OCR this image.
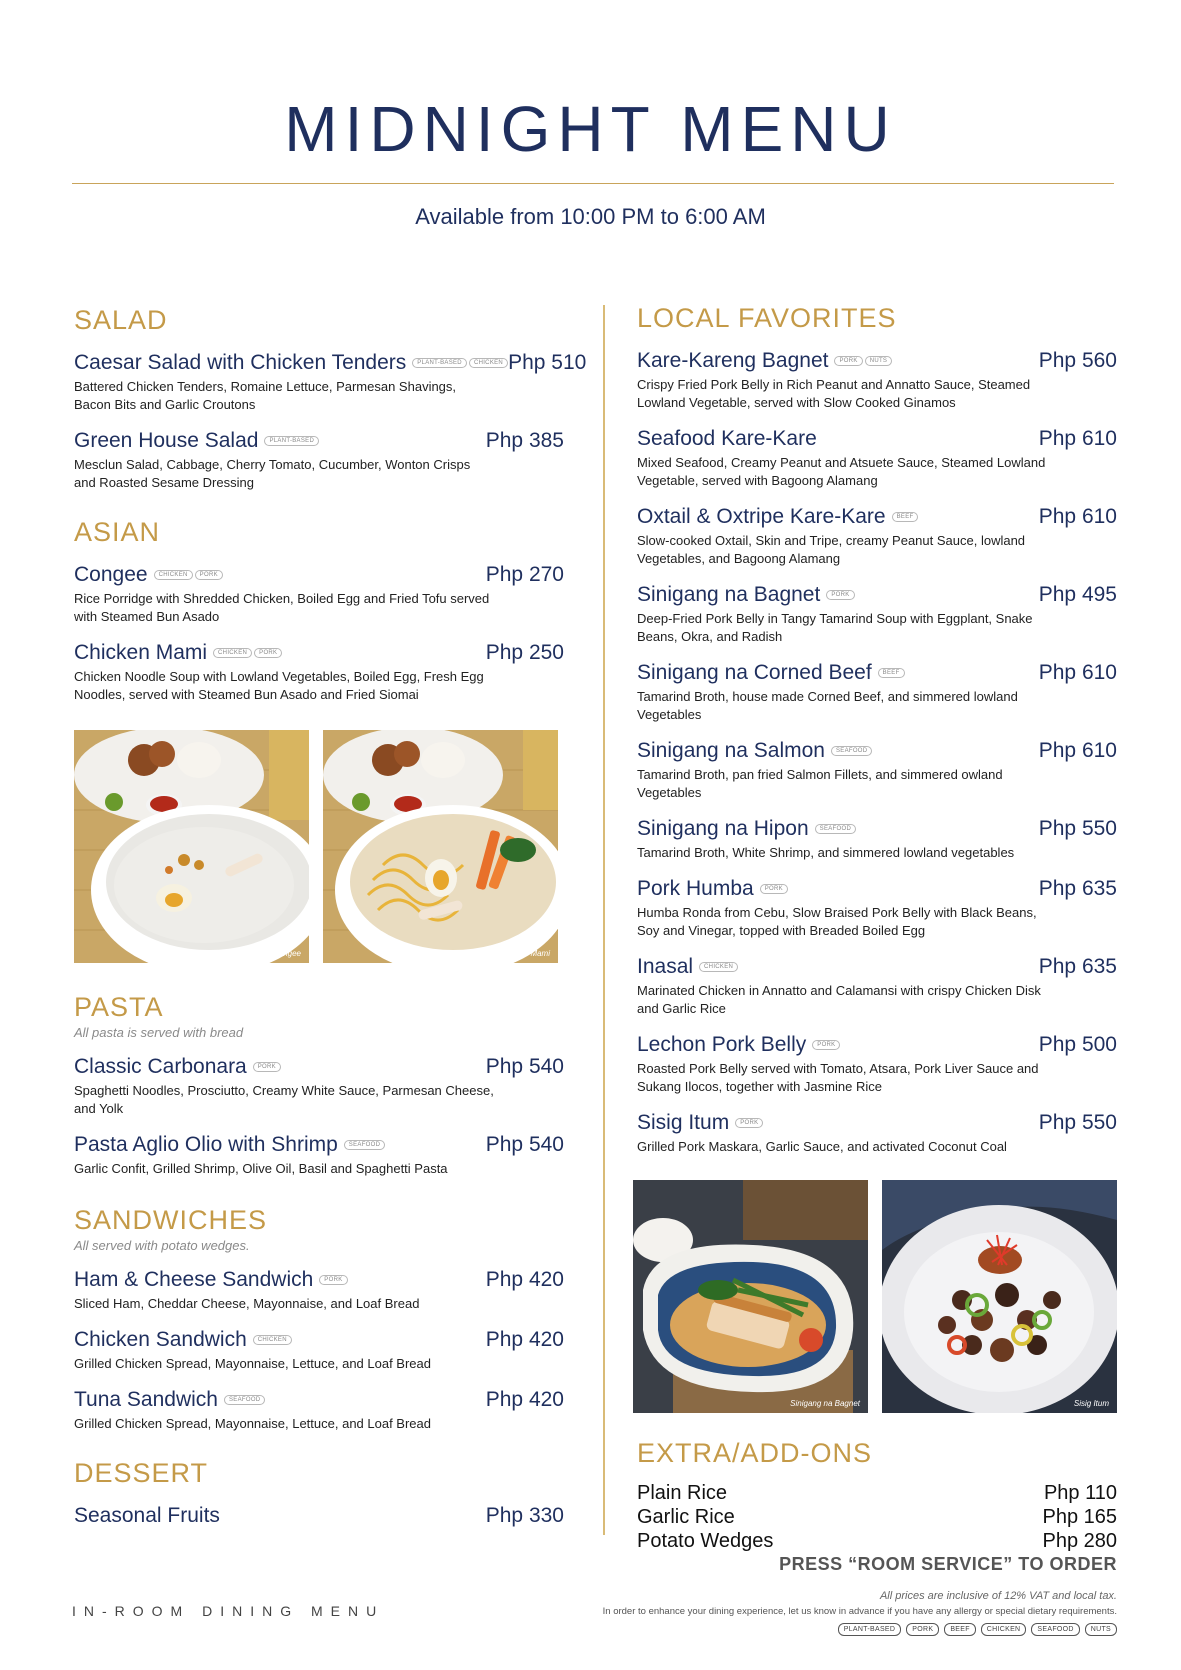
MIDNIGHT MENU
Available from 10:00 PM to 6:00 AM
SALAD
Caesar Salad with Chicken Tenders	PLANT-BASED	CHICKEN Php 510
Battered Chicken Tenders, Romaine Lettuce, Parmesan Shavings, Bacon Bits and Garlic Croutons
Green House Salad	PLANT-BASED	Php 385
Mesclun Salad, Cabbage, Cherry Tomato, Cucumber, Wonton Crisps and Roasted Sesame Dressing
ASIAN
Congee	CHICKEN	PORK	Php 270
Rice Porridge with Shredded Chicken, Boiled Egg and Fried Tofu served with Steamed Bun Asado
Chicken Mami	CHICKEN	PORK	Php 250
Chicken Noodle Soup with Lowland Vegetables, Boiled Egg, Fresh Egg Noodles, served with Steamed Bun Asado and Fried Siomai
Congee	Chicken Mami
PASTA
All pasta is served with bread
Classic Carbonara	PORK	Php 540
Spaghetti Noodles, Prosciutto, Creamy White Sauce, Parmesan Cheese, and Yolk
Pasta Aglio Olio with Shrimp	SEAFOOD	Php 540
Garlic Confit, Grilled Shrimp, Olive Oil, Basil and Spaghetti Pasta
SANDWICHES
All served with potato wedges.
Ham & Cheese Sandwich	PORK	Php 420
Sliced Ham, Cheddar Cheese, Mayonnaise, and Loaf Bread
Chicken Sandwich	CHICKEN	Php 420
Grilled Chicken Spread, Mayonnaise, Lettuce, and Loaf Bread
Tuna Sandwich	SEAFOOD	Php 420
Grilled Chicken Spread, Mayonnaise, Lettuce, and Loaf Bread
DESSERT
Seasonal Fruits	Php 330
LOCAL FAVORITES
Kare-Kareng Bagnet	PORK	NUTS	Php 560
Crispy Fried Pork Belly in Rich Peanut and Annatto Sauce, Steamed Lowland Vegetable, served with Slow Cooked Ginamos
Seafood Kare-Kare	Php 610
Mixed Seafood, Creamy Peanut and Atsuete Sauce, Steamed Lowland Vegetable, served with Bagoong Alamang
Oxtail & Oxtripe Kare-Kare	BEEF	Php 610
Slow-cooked Oxtail, Skin and Tripe, creamy Peanut Sauce, lowland Vegetables, and Bagoong Alamang
Sinigang na Bagnet	PORK	Php 495
Deep-Fried Pork Belly in Tangy Tamarind Soup with Eggplant, Snake Beans, Okra, and Radish
Sinigang na Corned Beef	BEEF	Php 610
Tamarind Broth, house made Corned Beef, and simmered lowland Vegetables
Sinigang na Salmon	SEAFOOD	Php 610
Tamarind Broth, pan fried Salmon Fillets, and simmered owland Vegetables
Sinigang na Hipon	SEAFOOD	Php 550
Tamarind Broth, White Shrimp, and simmered lowland vegetables
Pork Humba	PORK	Php 635
Humba Ronda from Cebu, Slow Braised Pork Belly with Black Beans, Soy and Vinegar, topped with Breaded Boiled Egg
Inasal	CHICKEN	Php 635
Marinated Chicken in Annatto and Calamansi with crispy Chicken Disk and Garlic Rice
Lechon Pork Belly	PORK	Php 500
Roasted Pork Belly served with Tomato, Atsara, Pork Liver Sauce and Sukang Ilocos, together with Jasmine Rice
Sisig Itum	PORK	Php 550
Grilled Pork Maskara, Garlic Sauce, and activated Coconut Coal
Sinigang na Bagnet	Sisig Itum
EXTRA/ADD-ONS
Plain Rice	Php 110
Garlic Rice	Php 165
Potato Wedges	Php 280
PRESS “ROOM SERVICE” TO ORDER
IN-ROOM DINING MENU
All prices are inclusive of 12% VAT and local tax.
In order to enhance your dining experience, let us know in advance if you have any allergy or special dietary requirements.
PLANT-BASED	PORK	BEEF	CHICKEN	SEAFOOD	NUTS
